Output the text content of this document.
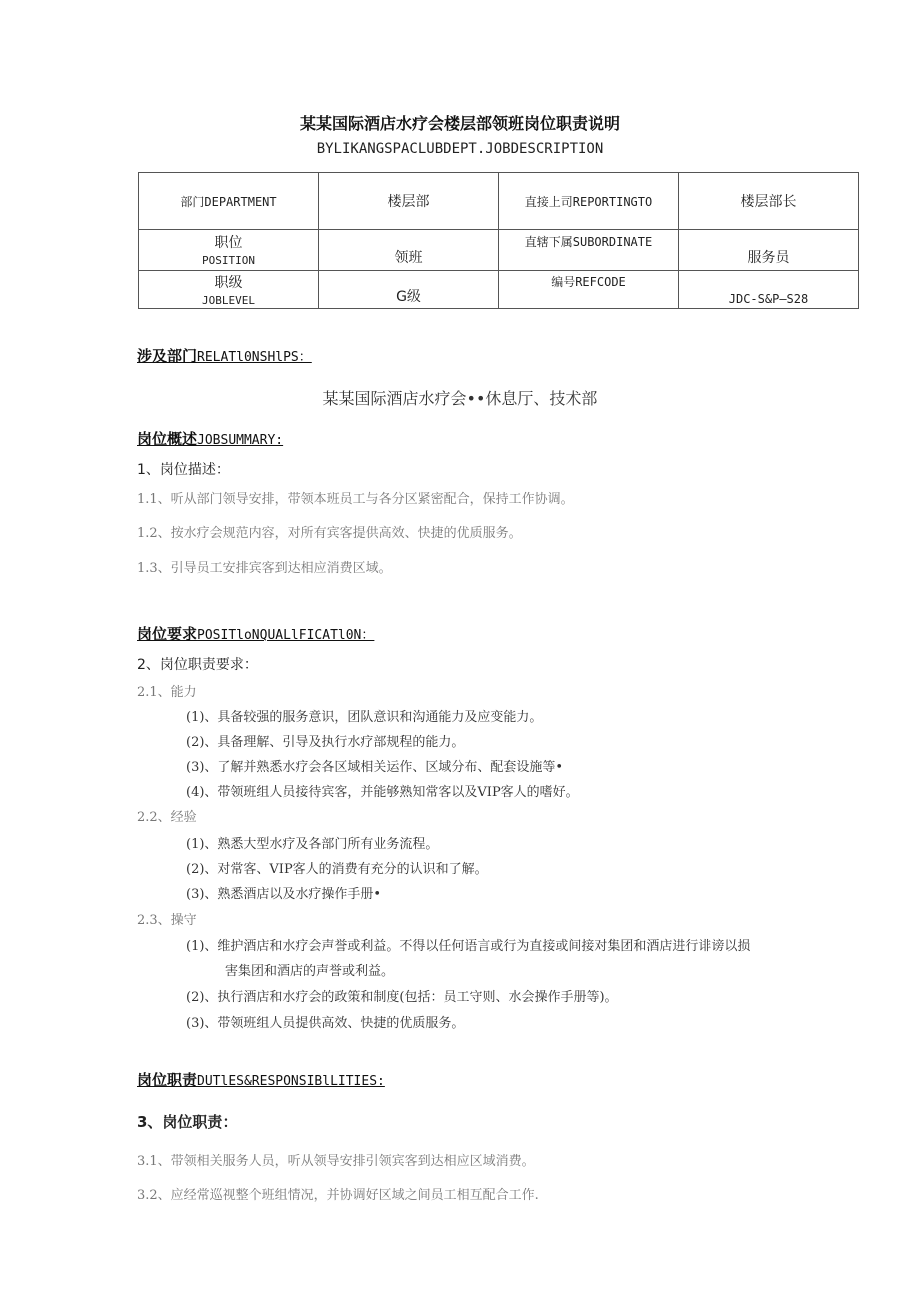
某某国际酒店水疗会楼层部领班岗位职责说明
BYLIKANGSPACLUBDEPT.JOBDESCRIPTION
部门DEPARTMENT	楼层部	直接上司REPORTINGTO	楼层部长

职位
POSITION	领班	直辖下属SUBORDINATE	服务员

职级
JOBLEVEL	G级	编号REFCODE	JDC-S&P—S28
涉及部门RELATl0NSHlPS：
某某国际酒店水疗会••休息厅、技术部
岗位概述JOBSUMMARY:
1、岗位描述：
1.1、听从部门领导安排，带领本班员工与各分区紧密配合，保持工作协调。
1.2、按水疗会规范内容，对所有宾客提供高效、快捷的优质服务。
1.3、引导员工安排宾客到达相应消费区域。
岗位要求POSITlоNQUALlFICATl0N：
2、岗位职责要求：
2.1、能力
(1)、具备较强的服务意识，团队意识和沟通能力及应变能力。
(2)、具备理解、引导及执行水疗部规程的能力。
(3)、了解并熟悉水疗会各区域相关运作、区域分布、配套设施等•
(4)、带领班组人员接待宾客，并能够熟知常客以及VIP客人的嗜好。
2.2、经验
(1)、熟悉大型水疗及各部门所有业务流程。
(2)、对常客、VIP客人的消费有充分的认识和了解。
(3)、熟悉酒店以及水疗操作手册•
2.3、操守
(1)、维护酒店和水疗会声誉或利益。不得以任何语言或行为直接或间接对集团和酒店进行诽谤以损
害集团和酒店的声誉或利益。
(2)、执行酒店和水疗会的政策和制度(包括：员工守则、水会操作手册等)。
(3)、带领班组人员提供高效、快捷的优质服务。
岗位职责DUTlES&RESPONSIBlLITIES:
3、岗位职责：
3.1、带领相关服务人员，听从领导安排引领宾客到达相应区域消费。
3.2、应经常巡视整个班组情况，并协调好区域之间员工相互配合工作.
